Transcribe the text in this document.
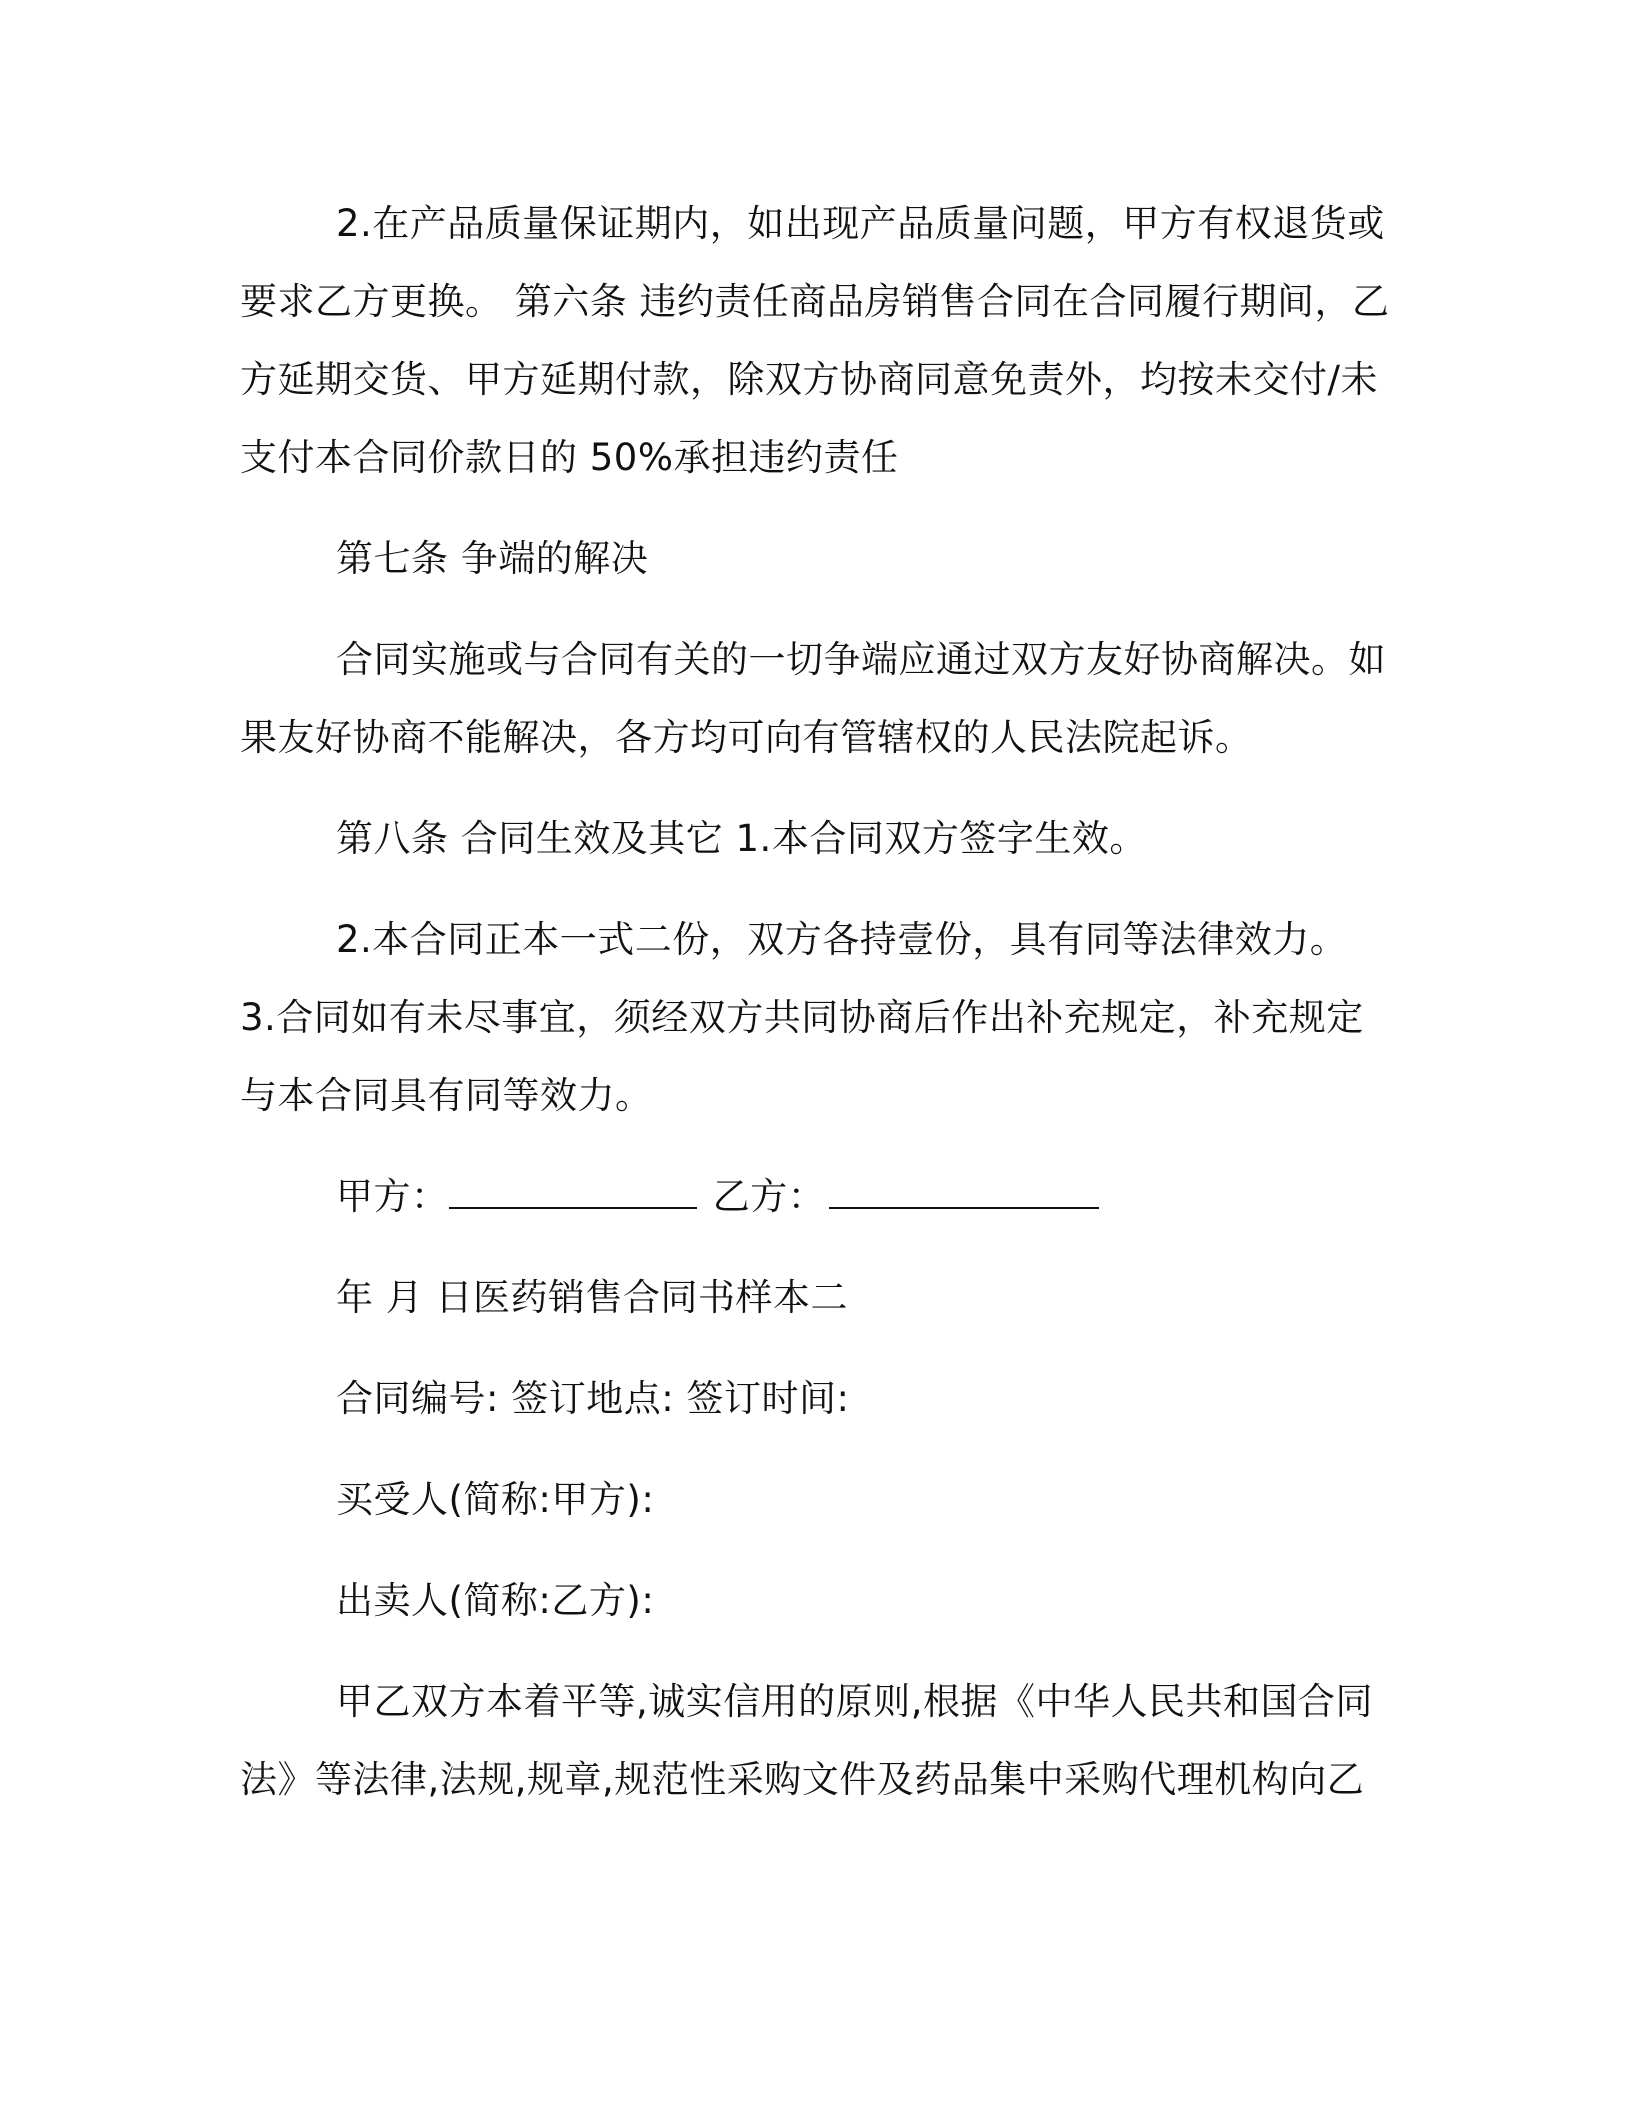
2.在产品质量保证期内，如出现产品质量问题，甲方有权退货或要求乙方更换。 第六条 违约责任商品房销售合同在合同履行期间，乙方延期交货、甲方延期付款，除双方协商同意免责外，均按未交付/未支付本合同价款日的 50%承担违约责任

第七条 争端的解决

合同实施或与合同有关的一切争端应通过双方友好协商解决。如果友好协商不能解决，各方均可向有管辖权的人民法院起诉。

第八条 合同生效及其它 1.本合同双方签字生效。

2.本合同正本一式二份，双方各持壹份，具有同等法律效力。 3.合同如有未尽事宜，须经双方共同协商后作出补充规定，补充规定与本合同具有同等效力。

甲方：	乙方：

年 月 日医药销售合同书样本二

合同编号: 签订地点: 签订时间:

买受人(简称:甲方):

出卖人(简称:乙方):

甲乙双方本着平等,诚实信用的原则,根据《中华人民共和国合同法》等法律,法规,规章,规范性采购文件及药品集中采购代理机构向乙
